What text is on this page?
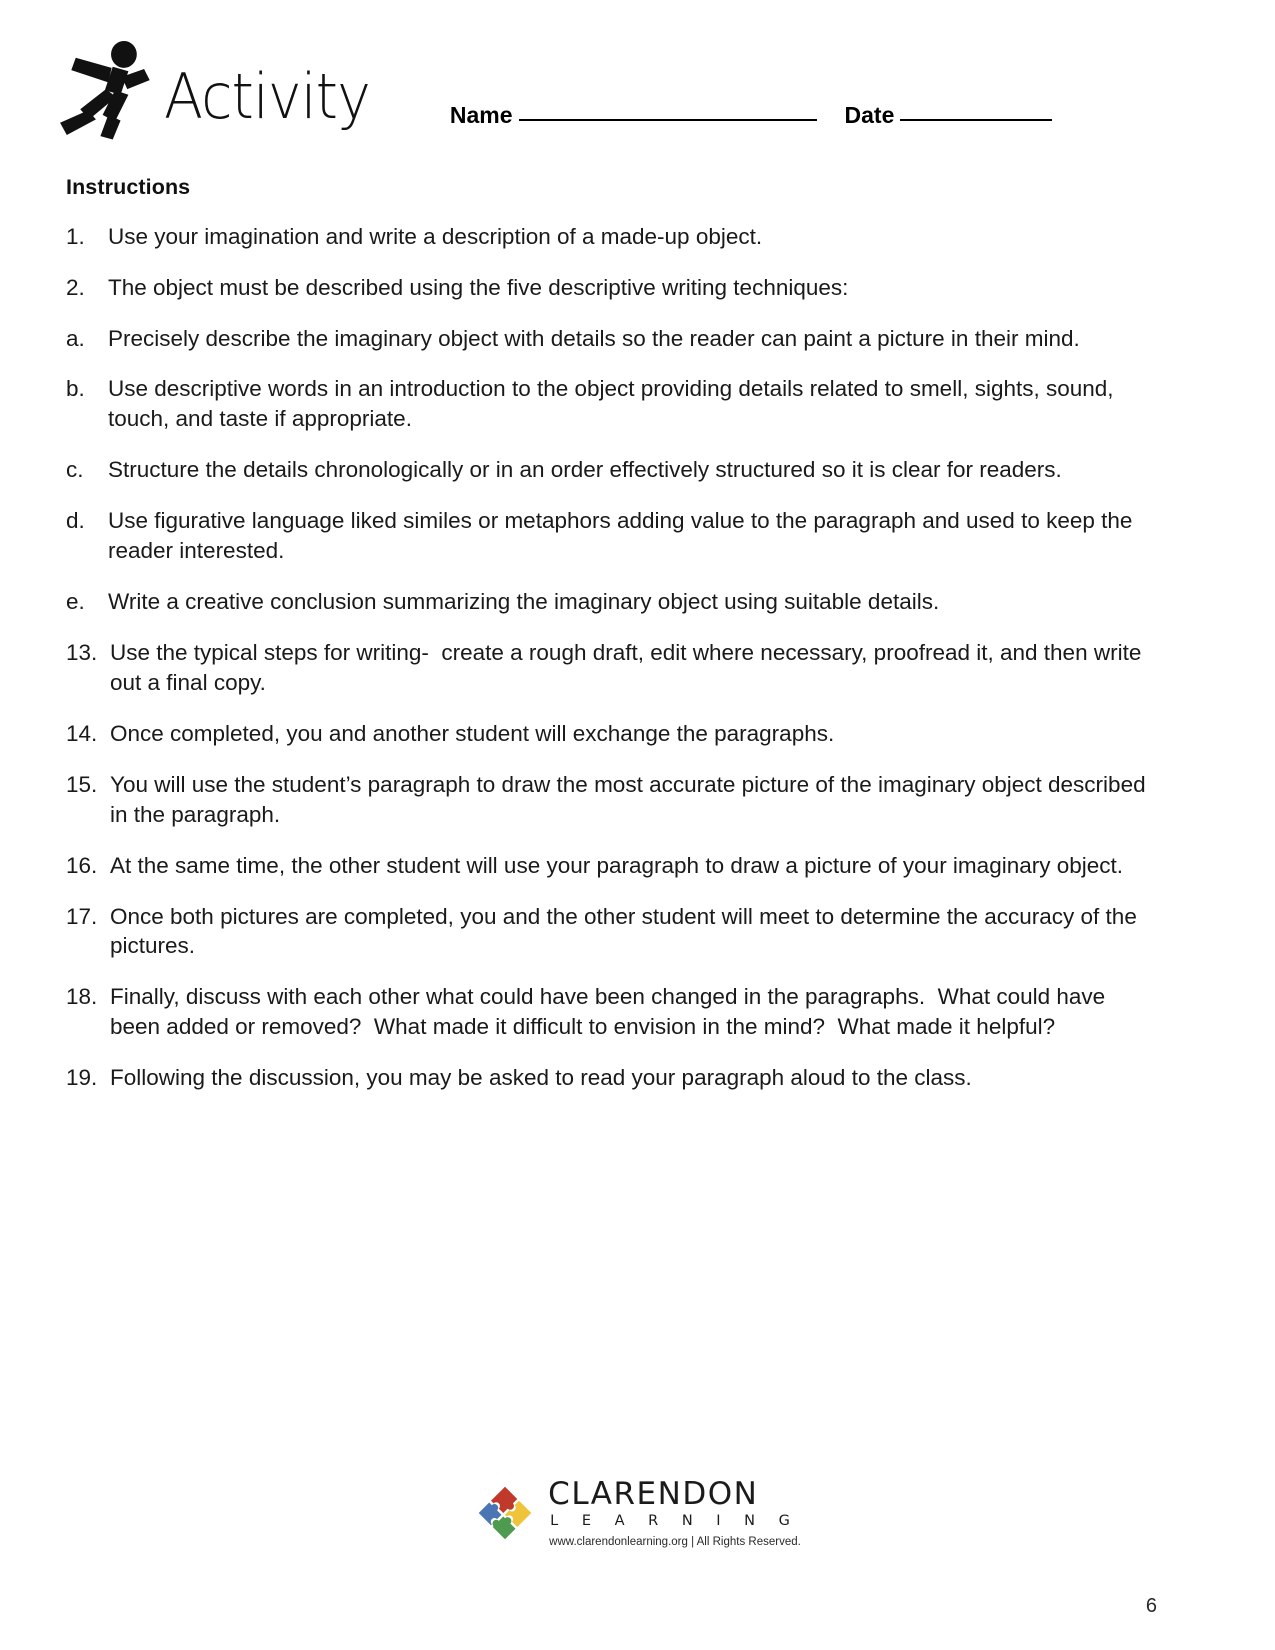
Activity	Name	Date
Instructions
1.	Use your imagination and write a description of a made-up object.
2.	The object must be described using the five descriptive writing techniques:
a.	Precisely describe the imaginary object with details so the reader can paint a picture in their mind.
b.	Use descriptive words in an introduction to the object providing details related to smell, sights, sound, touch, and taste if appropriate.
c.	Structure the details chronologically or in an order effectively structured so it is clear for readers.
d.	Use figurative language liked similes or metaphors adding value to the paragraph and used to keep the reader interested.
e.	Write a creative conclusion summarizing the imaginary object using suitable details.
13. Use the typical steps for writing-  create a rough draft, edit where necessary, proofread it, and then write out a final copy.
14. Once completed, you and another student will exchange the paragraphs.
15. You will use the student’s paragraph to draw the most accurate picture of the imaginary object described in the paragraph.
16. At the same time, the other student will use your paragraph to draw a picture of your imaginary object.
17. Once both pictures are completed, you and the other student will meet to determine the accuracy of the pictures.
18. Finally, discuss with each other what could have been changed in the paragraphs.  What could have been added or removed?  What made it difficult to envision in the mind?  What made it helpful?
19. Following the discussion, you may be asked to read your paragraph aloud to the class.
CLARENDON
L E A R N I N G
www.clarendonlearning.org | All Rights Reserved.
6
